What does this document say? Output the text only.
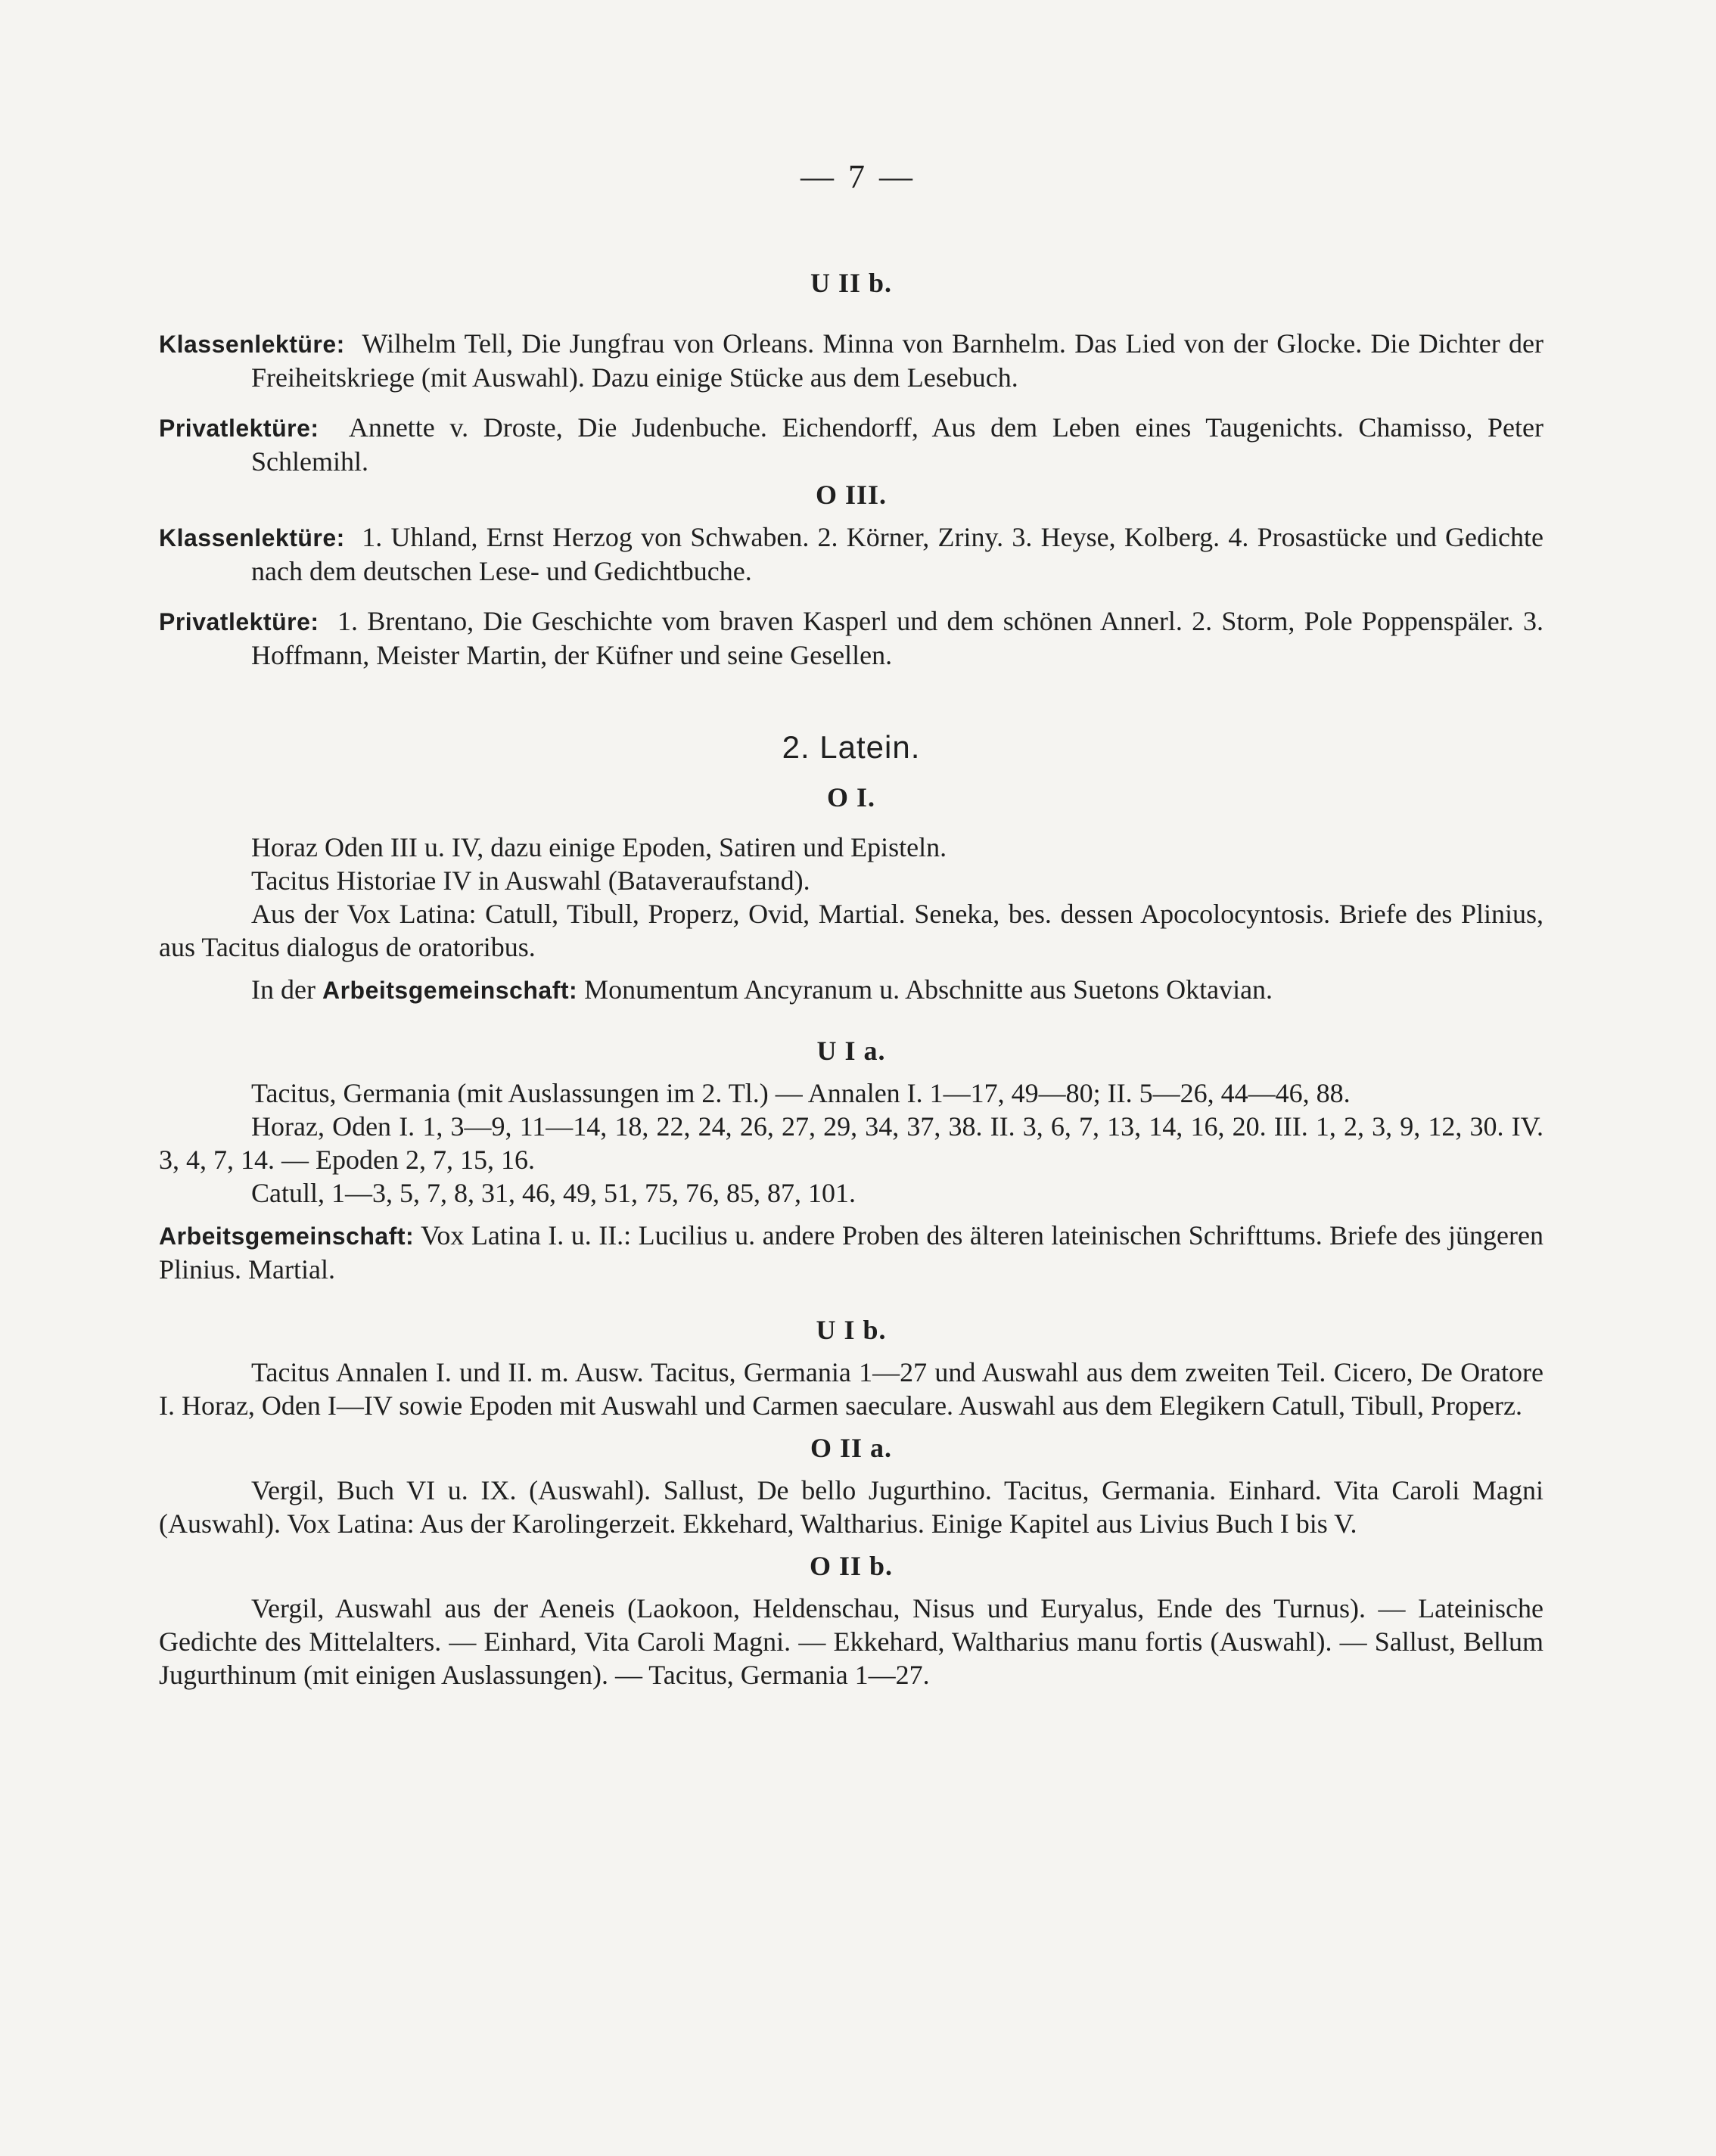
— 7 —

U II b.

Klassenlektüre: Wilhelm Tell, Die Jungfrau von Orleans. Minna von Barnhelm. Das Lied von der Glocke. Die Dichter der Freiheitskriege (mit Auswahl). Dazu einige Stücke aus dem Lesebuch.

Privatlektüre: Annette v. Droste, Die Judenbuche. Eichendorff, Aus dem Leben eines Taugenichts. Chamisso, Peter Schlemihl.

O III.

Klassenlektüre: 1. Uhland, Ernst Herzog von Schwaben. 2. Körner, Zriny. 3. Heyse, Kolberg. 4. Prosastücke und Gedichte nach dem deutschen Lese- und Gedichtbuche.

Privatlektüre: 1. Brentano, Die Geschichte vom braven Kasperl und dem schönen Annerl. 2. Storm, Pole Poppenspäler. 3. Hoffmann, Meister Martin, der Küfner und seine Gesellen.

2. Latein.

O I.

Horaz Oden III u. IV, dazu einige Epoden, Satiren und Episteln.

Tacitus Historiae IV in Auswahl (Bataveraufstand).

Aus der Vox Latina: Catull, Tibull, Properz, Ovid, Martial. Seneka, bes. dessen Apocolocyntosis. Briefe des Plinius, aus Tacitus dialogus de oratoribus.

In der Arbeitsgemeinschaft: Monumentum Ancyranum u. Abschnitte aus Suetons Oktavian.

U I a.

Tacitus, Germania (mit Auslassungen im 2. Tl.) — Annalen I. 1—17, 49—80; II. 5—26, 44—46, 88.

Horaz, Oden I. 1, 3—9, 11—14, 18, 22, 24, 26, 27, 29, 34, 37, 38. II. 3, 6, 7, 13, 14, 16, 20. III. 1, 2, 3, 9, 12, 30. IV. 3, 4, 7, 14. — Epoden 2, 7, 15, 16.

Catull, 1—3, 5, 7, 8, 31, 46, 49, 51, 75, 76, 85, 87, 101.

Arbeitsgemeinschaft: Vox Latina I. u. II.: Lucilius u. andere Proben des älteren lateinischen Schrifttums. Briefe des jüngeren Plinius. Martial.

U I b.

Tacitus Annalen I. und II. m. Ausw. Tacitus, Germania 1—27 und Auswahl aus dem zweiten Teil. Cicero, De Oratore I. Horaz, Oden I—IV sowie Epoden mit Auswahl und Carmen saeculare. Auswahl aus dem Elegikern Catull, Tibull, Properz.

O II a.

Vergil, Buch VI u. IX. (Auswahl). Sallust, De bello Jugurthino. Tacitus, Germania. Einhard. Vita Caroli Magni (Auswahl). Vox Latina: Aus der Karolingerzeit. Ekkehard, Waltharius. Einige Kapitel aus Livius Buch I bis V.

O II b.

Vergil, Auswahl aus der Aeneis (Laokoon, Heldenschau, Nisus und Euryalus, Ende des Turnus). — Lateinische Gedichte des Mittelalters. — Einhard, Vita Caroli Magni. — Ekkehard, Waltharius manu fortis (Auswahl). — Sallust, Bellum Jugurthinum (mit einigen Auslassungen). — Tacitus, Germania 1—27.
